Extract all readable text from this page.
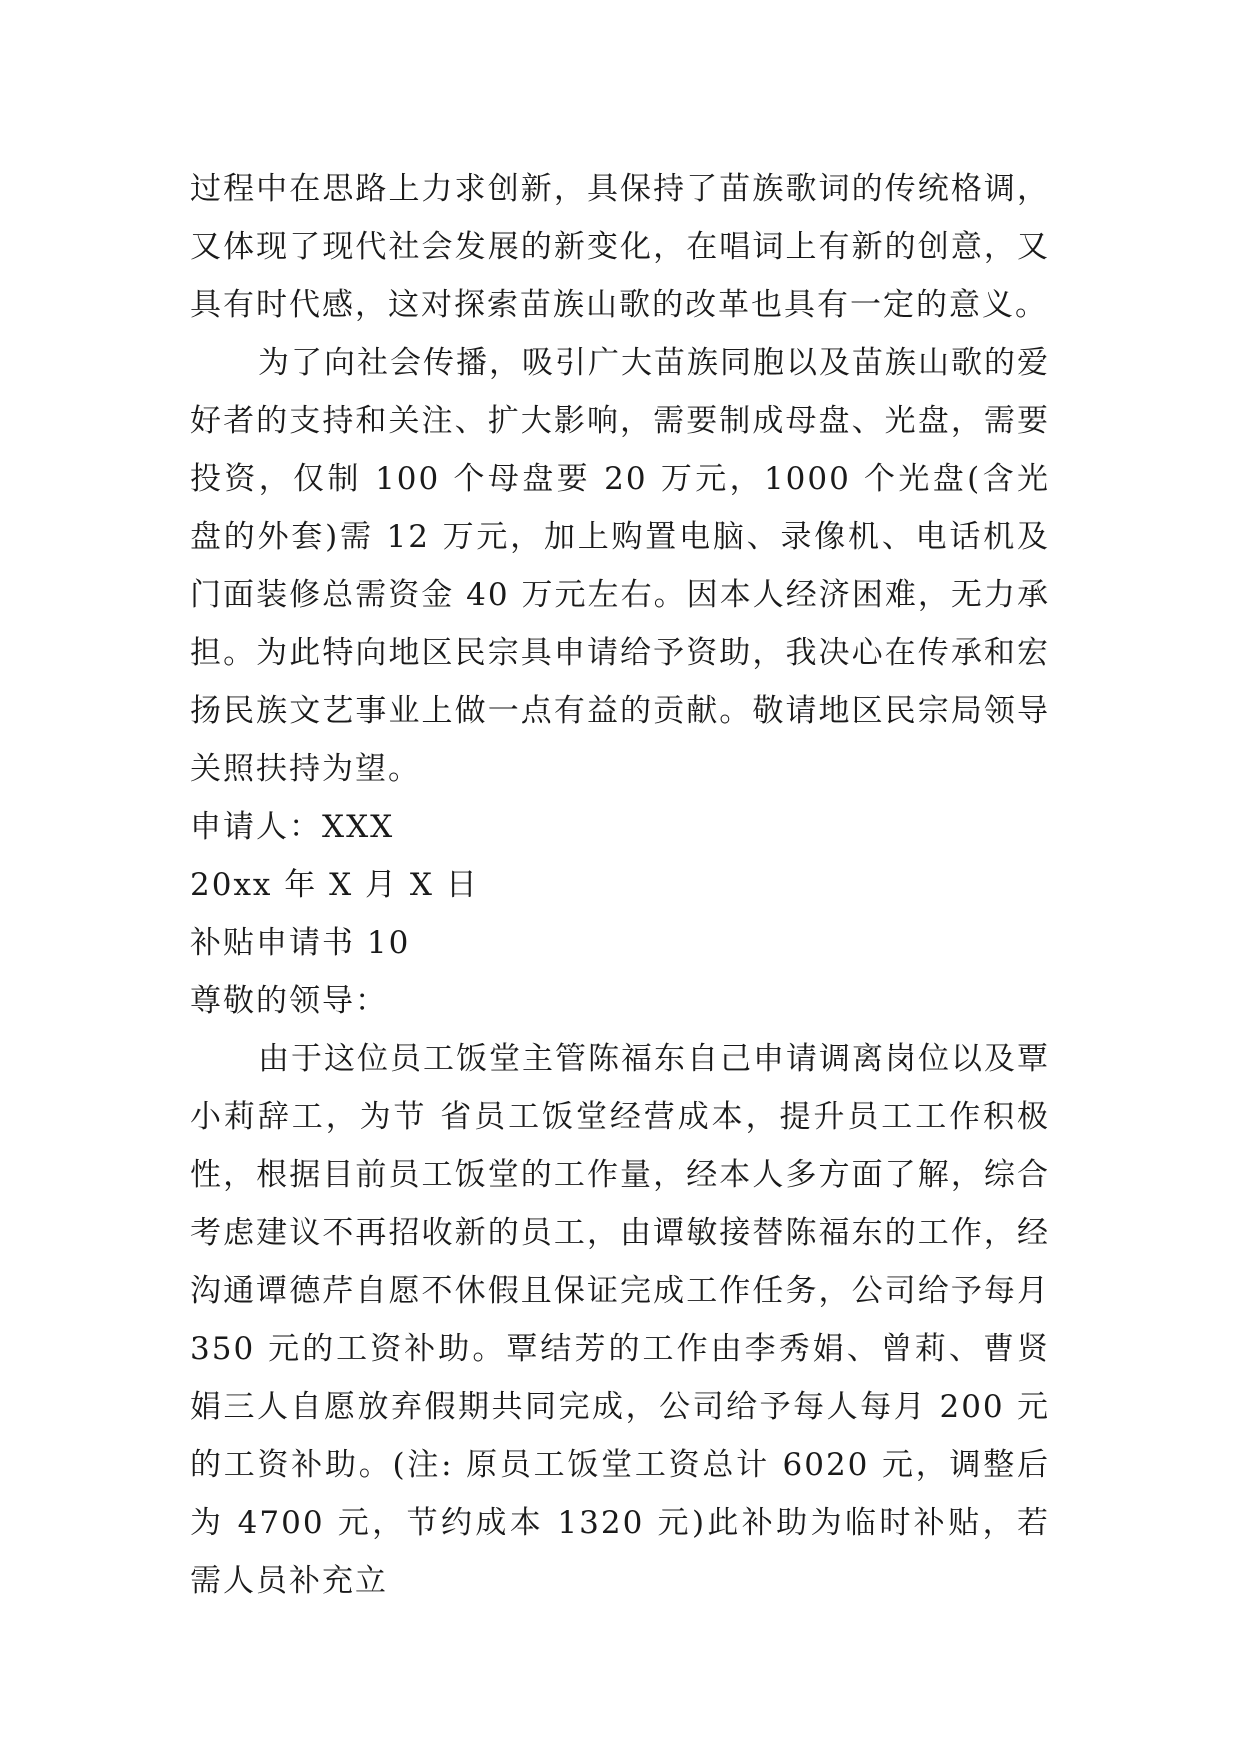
过程中在思路上力求创新，具保持了苗族歌词的传统格调，又体现了现代社会发展的新变化，在唱词上有新的创意，又具有时代感，这对探索苗族山歌的改革也具有一定的意义。

为了向社会传播，吸引广大苗族同胞以及苗族山歌的爱好者的支持和关注、扩大影响，需要制成母盘、光盘，需要投资，仅制 100 个母盘要 20 万元，1000 个光盘(含光盘的外套)需 12 万元，加上购置电脑、录像机、电话机及门面装修总需资金 40 万元左右。因本人经济困难，无力承担。为此特向地区民宗具申请给予资助，我决心在传承和宏扬民族文艺事业上做一点有益的贡献。敬请地区民宗局领导关照扶持为望。

申请人：XXX

20xx 年 X 月 X 日

补贴申请书 10

尊敬的领导：

由于这位员工饭堂主管陈福东自己申请调离岗位以及覃小莉辞工，为节 省员工饭堂经营成本，提升员工工作积极性，根据目前员工饭堂的工作量，经本人多方面了解，综合考虑建议不再招收新的员工，由谭敏接替陈福东的工作，经沟通谭德芹自愿不休假且保证完成工作任务，公司给予每月 350 元的工资补助。覃结芳的工作由李秀娟、曾莉、曹贤娟三人自愿放弃假期共同完成，公司给予每人每月 200 元的工资补助。(注: 原员工饭堂工资总计 6020 元，调整后为 4700 元，节约成本 1320 元)此补助为临时补贴，若需人员补充立
